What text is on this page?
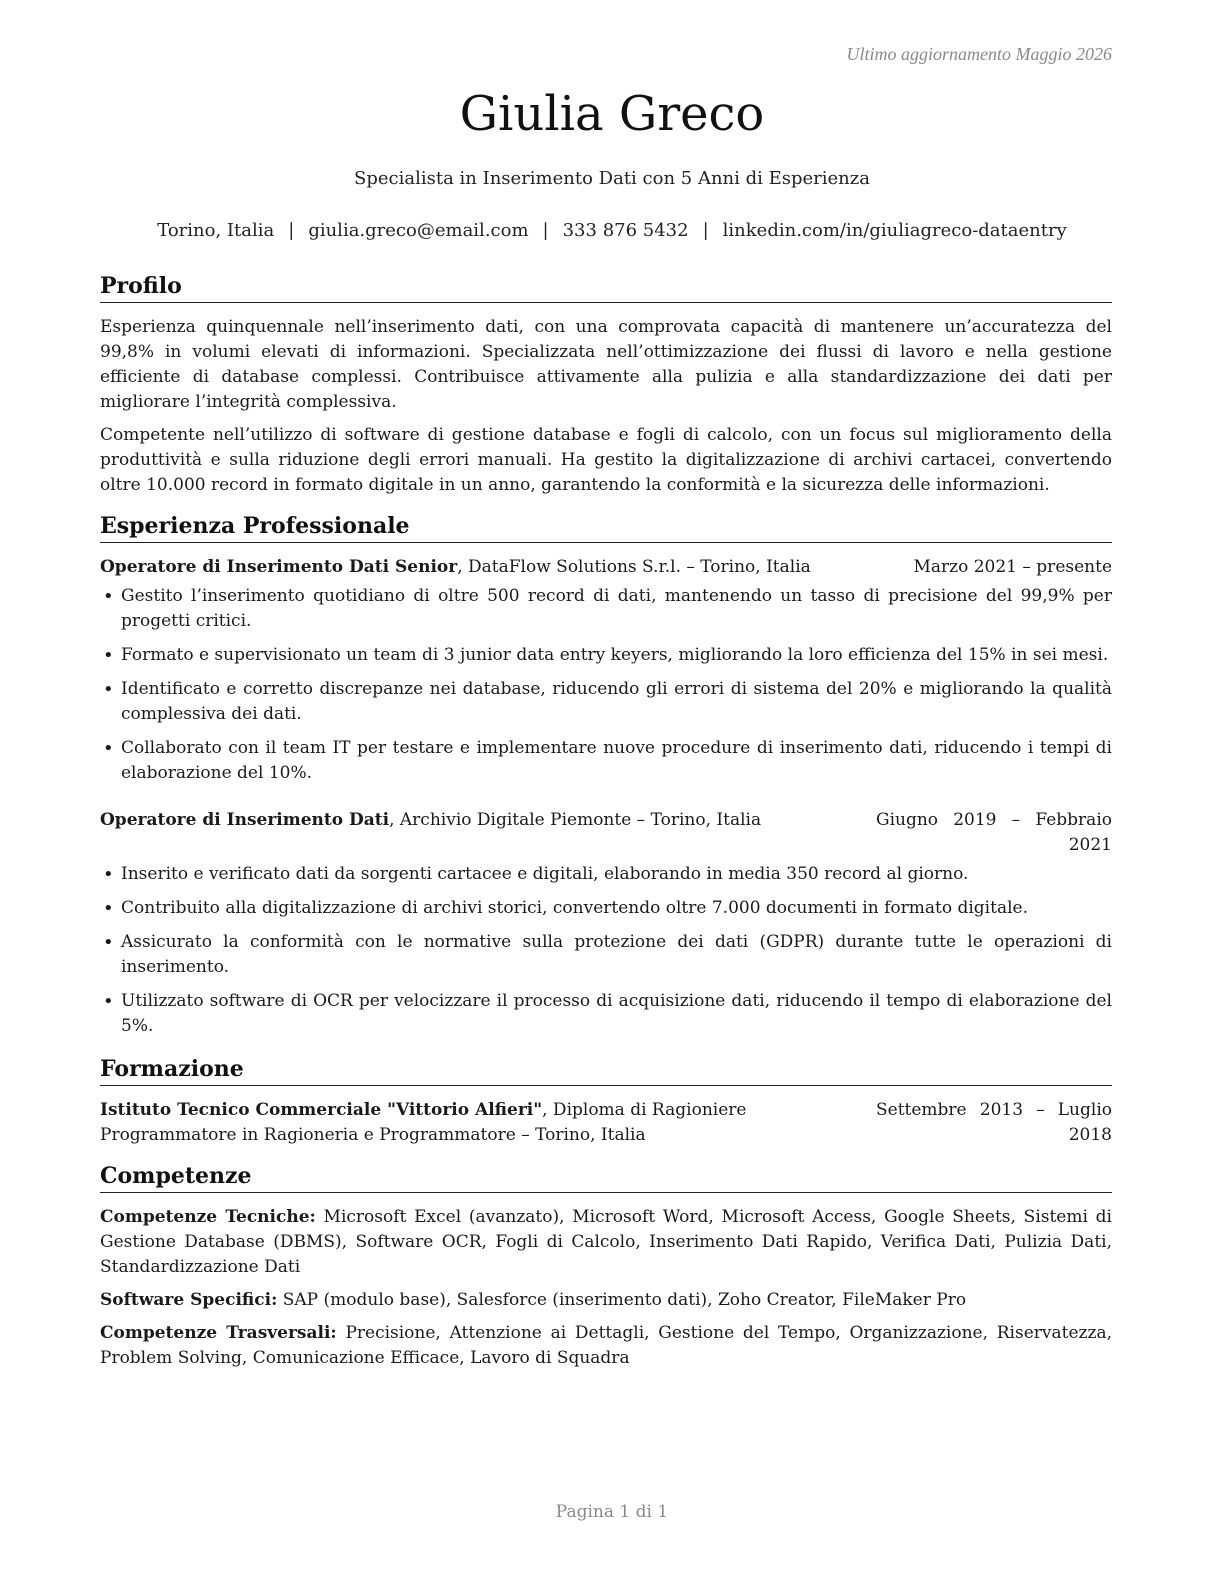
Ultimo aggiornamento Maggio 2026
Giulia Greco
Specialista in Inserimento Dati con 5 Anni di Esperienza
Torino, Italia | giulia.greco@email.com | 333 876 5432 | linkedin.com/in/giuliagreco-dataentry
Profilo

Esperienza quinquennale nell’inserimento dati, con una comprovata capacità di mantenere un’accuratezza del 99,8% in volumi elevati di informazioni. Specializzata nell’ottimizzazione dei flussi di lavoro e nella gestione efficiente di database complessi. Contribuisce attivamente alla pulizia e alla standardizzazione dei dati per migliorare l’integrità complessiva.

Competente nell’utilizzo di software di gestione database e fogli di calcolo, con un focus sul miglioramento della produttività e sulla riduzione degli errori manuali. Ha gestito la digitalizzazione di archivi cartacei, convertendo oltre 10.000 record in formato digitale in un anno, garantendo la conformità e la sicurezza delle informazioni.

Esperienza Professionale
Operatore di Inserimento Dati Senior, DataFlow Solutions S.r.l. – Torino, Italia	Marzo 2021 – presente
• Gestito l’inserimento quotidiano di oltre 500 record di dati, mantenendo un tasso di precisione del 99,9% per progetti critici.
• Formato e supervisionato un team di 3 junior data entry keyers, migliorando la loro efficienza del 15% in sei mesi.
• Identificato e corretto discrepanze nei database, riducendo gli errori di sistema del 20% e migliorando la qualità complessiva dei dati.
• Collaborato con il team IT per testare e implementare nuove procedure di inserimento dati, riducendo i tempi di elaborazione del 10%.
Operatore di Inserimento Dati, Archivio Digitale Piemonte – Torino, Italia	Giugno 2019 – Febbraio 2021
• Inserito e verificato dati da sorgenti cartacee e digitali, elaborando in media 350 record al giorno.
• Contribuito alla digitalizzazione di archivi storici, convertendo oltre 7.000 documenti in formato digitale.
• Assicurato la conformità con le normative sulla protezione dei dati (GDPR) durante tutte le operazioni di inserimento.
• Utilizzato software di OCR per velocizzare il processo di acquisizione dati, riducendo il tempo di elaborazione del 5%.
Formazione
Istituto Tecnico Commerciale "Vittorio Alfieri", Diploma di Ragioniere Programmatore in Ragioneria e Programmatore – Torino, Italia
Settembre 2013 – Luglio 2018
Competenze
Competenze Tecniche: Microsoft Excel (avanzato), Microsoft Word, Microsoft Access, Google Sheets, Sistemi di Gestione Database (DBMS), Software OCR, Fogli di Calcolo, Inserimento Dati Rapido, Verifica Dati, Pulizia Dati, Standardizzazione Dati
Software Specifici: SAP (modulo base), Salesforce (inserimento dati), Zoho Creator, FileMaker Pro
Competenze Trasversali: Precisione, Attenzione ai Dettagli, Gestione del Tempo, Organizzazione, Riservatezza, Problem Solving, Comunicazione Efficace, Lavoro di Squadra
Pagina 1 di 1
